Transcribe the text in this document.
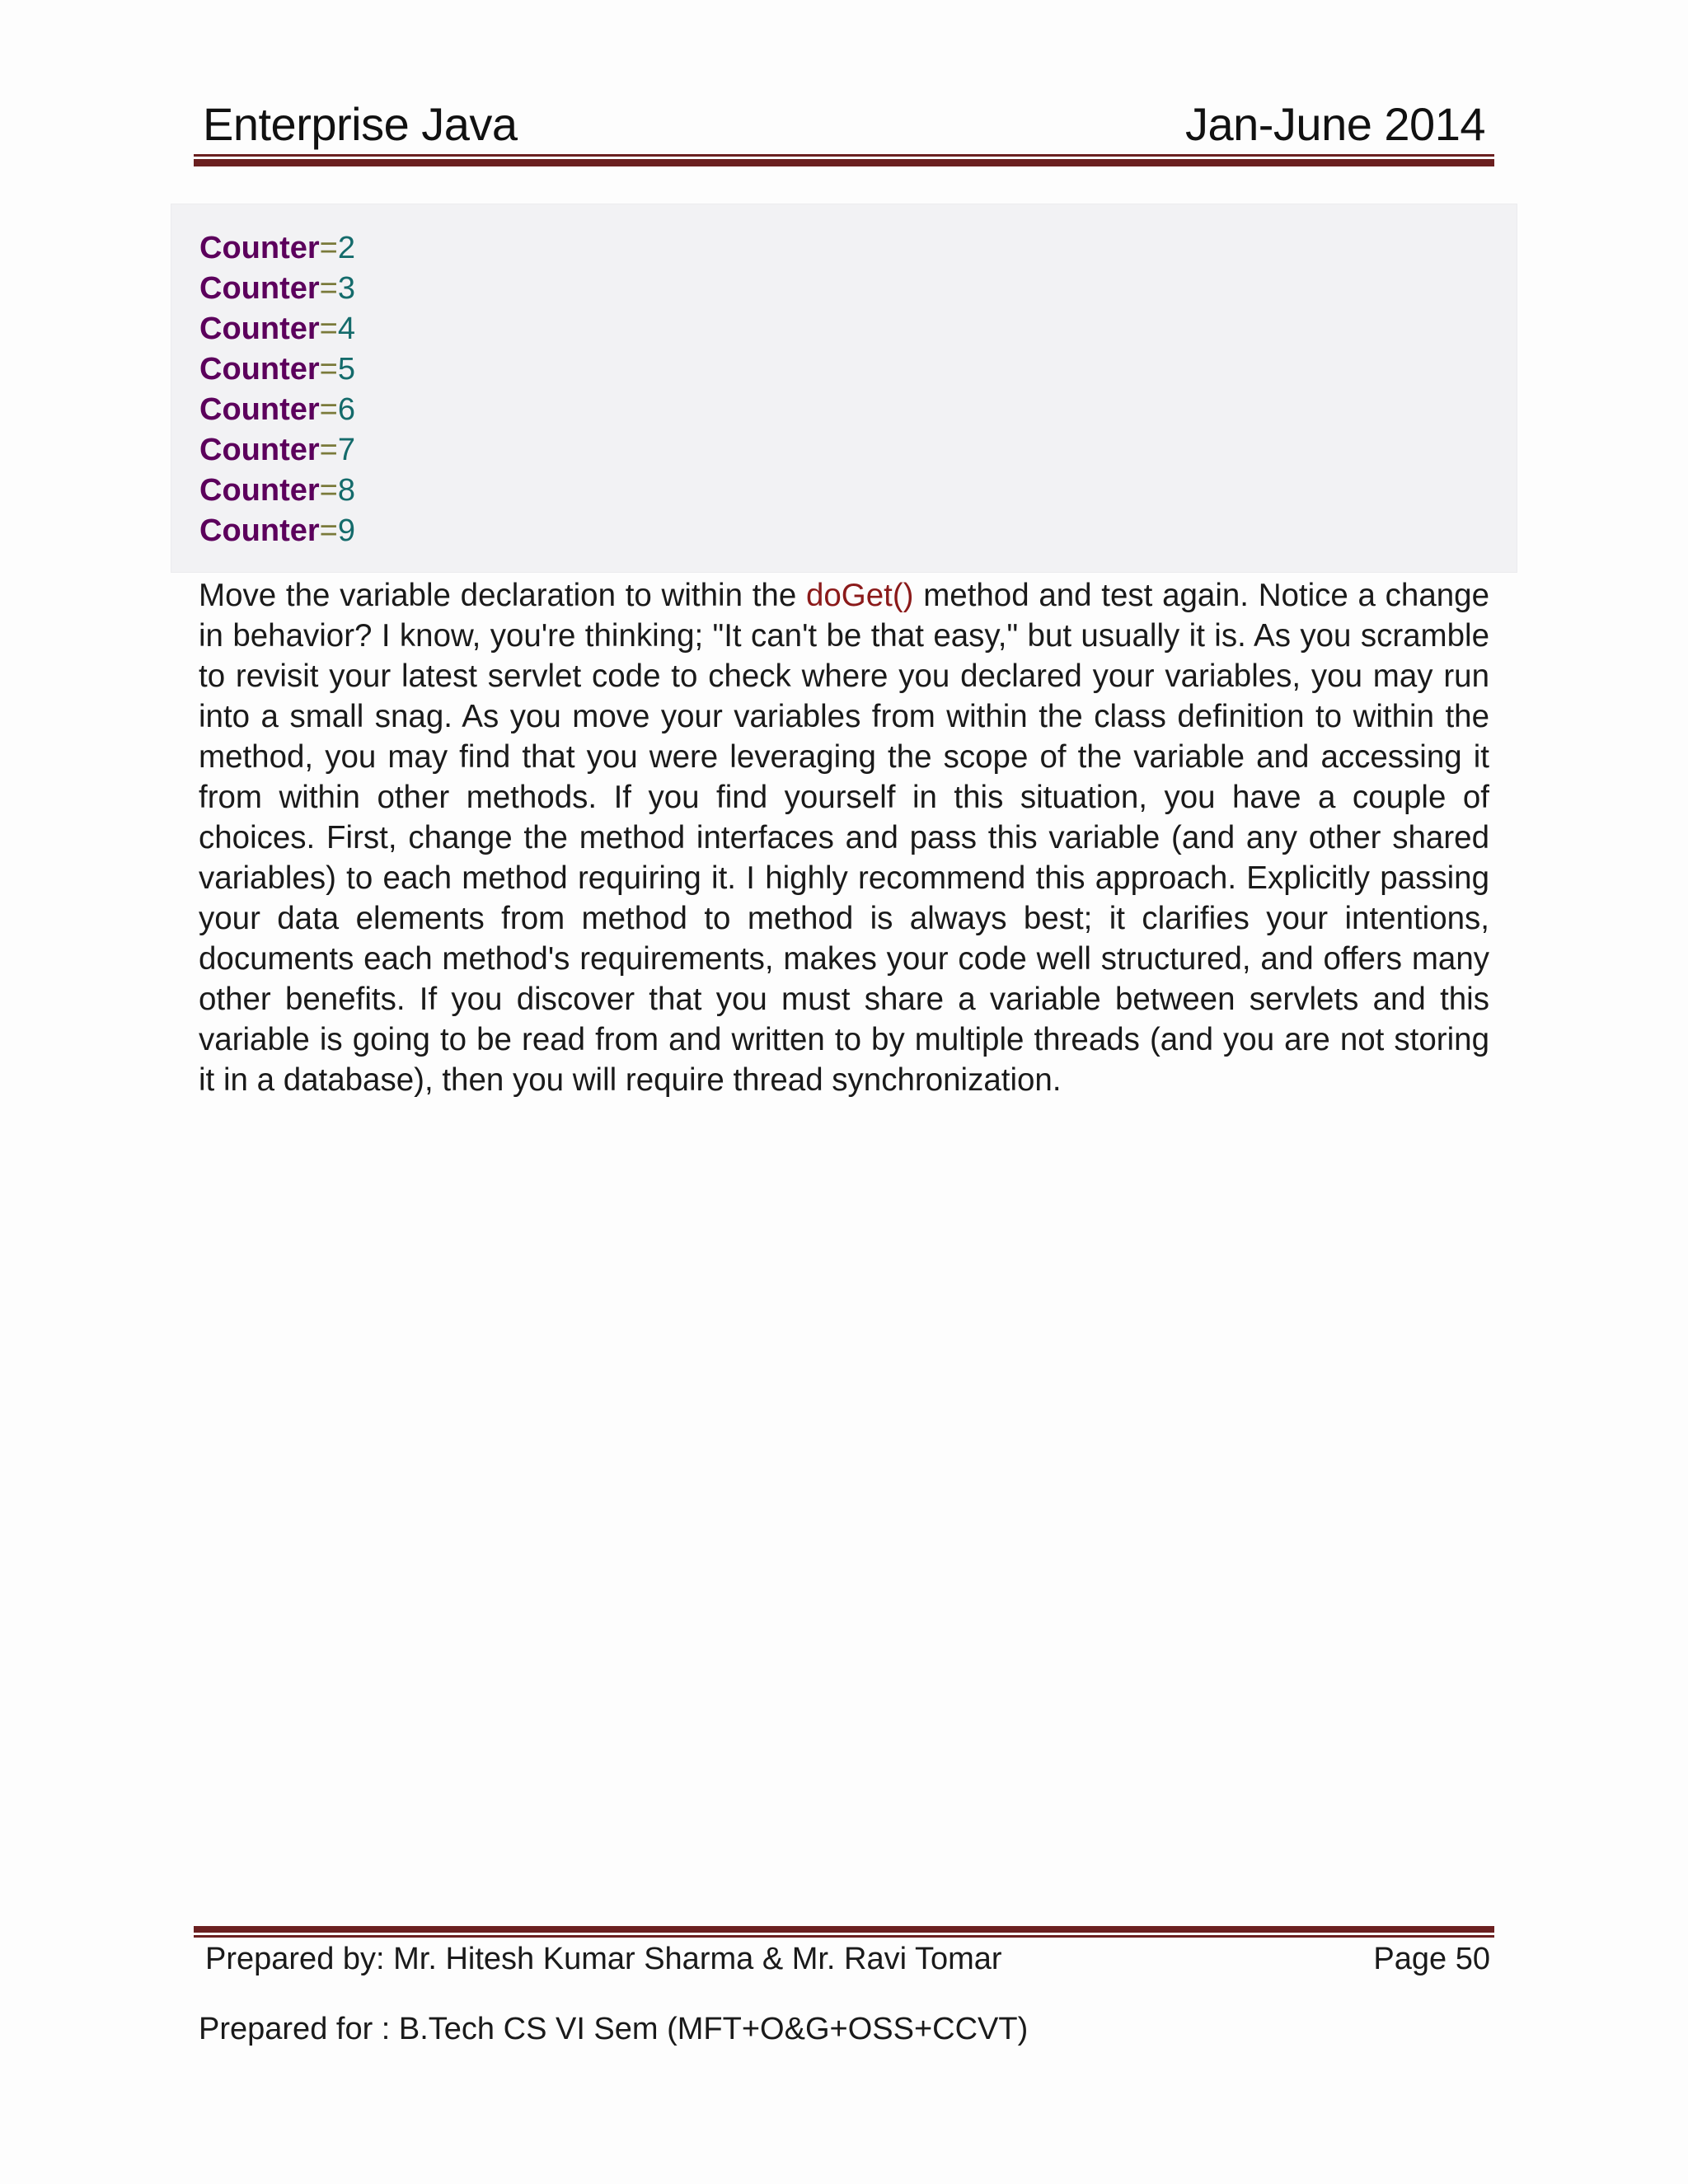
Enterprise Java	Jan-June 2014
Counter=2
Counter=3
Counter=4
Counter=5
Counter=6
Counter=7
Counter=8
Counter=9
Move the variable declaration to within the doGet() method and test again. Notice a change in behavior? I know, you're thinking; "It can't be that easy," but usually it is. As you scramble to revisit your latest servlet code to check where you declared your variables, you may run into a small snag. As you move your variables from within the class definition to within the method, you may find that you were leveraging the scope of the variable and accessing it from within other methods. If you find yourself in this situation, you have a couple of choices. First, change the method interfaces and pass this variable (and any other shared variables) to each method requiring it. I highly recommend this approach. Explicitly passing your data elements from method to method is always best; it clarifies your intentions, documents each method's requirements, makes your code well structured, and offers many other benefits. If you discover that you must share a variable between servlets and this variable is going to be read from and written to by multiple threads (and you are not storing it in a database), then you will require thread synchronization.
Prepared by: Mr. Hitesh Kumar Sharma & Mr. Ravi Tomar	Page 50
Prepared for : B.Tech CS VI Sem (MFT+O&G+OSS+CCVT)
